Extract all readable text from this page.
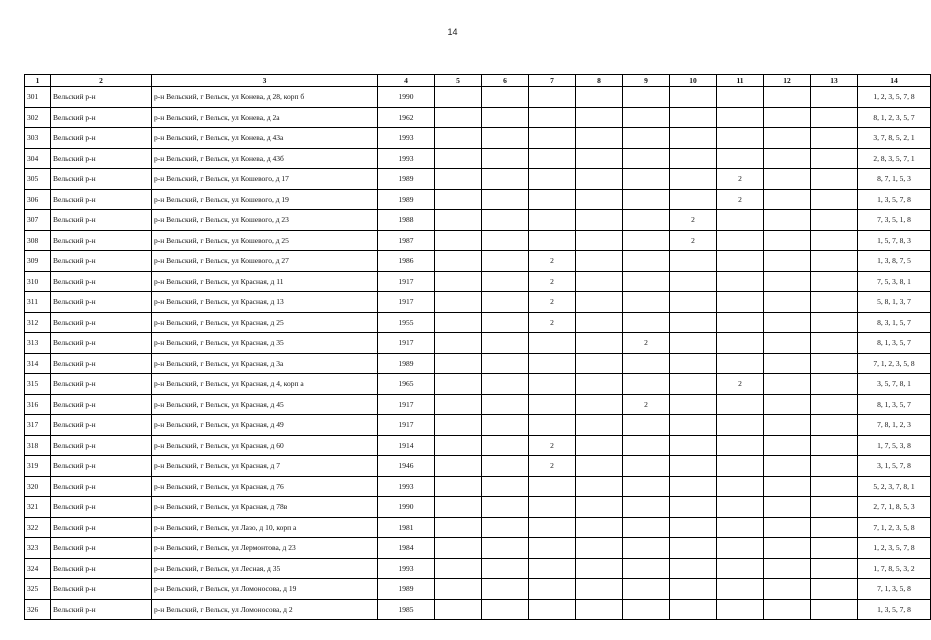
14
1	2	3	4	5	6	7	8	9	10	11	12	13	14
301	Вельский р-н	р-н Вельский, г Вельск, ул Конева, д 28, корп б	1990										1, 2, 3, 5, 7, 8
302	Вельский р-н	р-н Вельский, г Вельск, ул Конева, д 2а	1962										8, 1, 2, 3, 5, 7
303	Вельский р-н	р-н Вельский, г Вельск, ул Конева, д 43а	1993										3, 7, 8, 5, 2, 1
304	Вельский р-н	р-н Вельский, г Вельск, ул Конева, д 43б	1993										2, 8, 3, 5, 7, 1
305	Вельский р-н	р-н Вельский, г Вельск, ул Кошевого, д 17	1989							2			8, 7, 1, 5, 3
306	Вельский р-н	р-н Вельский, г Вельск, ул Кошевого, д 19	1989							2			1, 3, 5, 7, 8
307	Вельский р-н	р-н Вельский, г Вельск, ул Кошевого, д 23	1988						2				7, 3, 5, 1, 8
308	Вельский р-н	р-н Вельский, г Вельск, ул Кошевого, д 25	1987						2				1, 5, 7, 8, 3
309	Вельский р-н	р-н Вельский, г Вельск, ул Кошевого, д 27	1986			2							1, 3, 8, 7, 5
310	Вельский р-н	р-н Вельский, г Вельск, ул Красная, д 11	1917			2							7, 5, 3, 8, 1
311	Вельский р-н	р-н Вельский, г Вельск, ул Красная, д 13	1917			2							5, 8, 1, 3, 7
312	Вельский р-н	р-н Вельский, г Вельск, ул Красная, д 25	1955			2							8, 3, 1, 5, 7
313	Вельский р-н	р-н Вельский, г Вельск, ул Красная, д 35	1917					2					8, 1, 3, 5, 7
314	Вельский р-н	р-н Вельский, г Вельск, ул Красная, д 3а	1989										7, 1, 2, 3, 5, 8
315	Вельский р-н	р-н Вельский, г Вельск, ул Красная, д 4, корп а	1965							2			3, 5, 7, 8, 1
316	Вельский р-н	р-н Вельский, г Вельск, ул Красная, д 45	1917					2					8, 1, 3, 5, 7
317	Вельский р-н	р-н Вельский, г Вельск, ул Красная, д 49	1917										7, 8, 1, 2, 3
318	Вельский р-н	р-н Вельский, г Вельск, ул Красная, д 60	1914			2							1, 7, 5, 3, 8
319	Вельский р-н	р-н Вельский, г Вельск, ул Красная, д 7	1946			2							3, 1, 5, 7, 8
320	Вельский р-н	р-н Вельский, г Вельск, ул Красная, д 76	1993										5, 2, 3, 7, 8, 1
321	Вельский р-н	р-н Вельский, г Вельск, ул Красная, д 78в	1990										2, 7, 1, 8, 5, 3
322	Вельский р-н	р-н Вельский, г Вельск, ул Лазо, д 10, корп а	1981										7, 1, 2, 3, 5, 8
323	Вельский р-н	р-н Вельский, г Вельск, ул Лермонтова, д 23	1984										1, 2, 3, 5, 7, 8
324	Вельский р-н	р-н Вельский, г Вельск, ул Лесная, д 35	1993										1, 7, 8, 5, 3, 2
325	Вельский р-н	р-н Вельский, г Вельск, ул Ломоносова, д 19	1989										7, 1, 3, 5, 8
326	Вельский р-н	р-н Вельский, г Вельск, ул Ломоносова, д 2	1985										1, 3, 5, 7, 8
